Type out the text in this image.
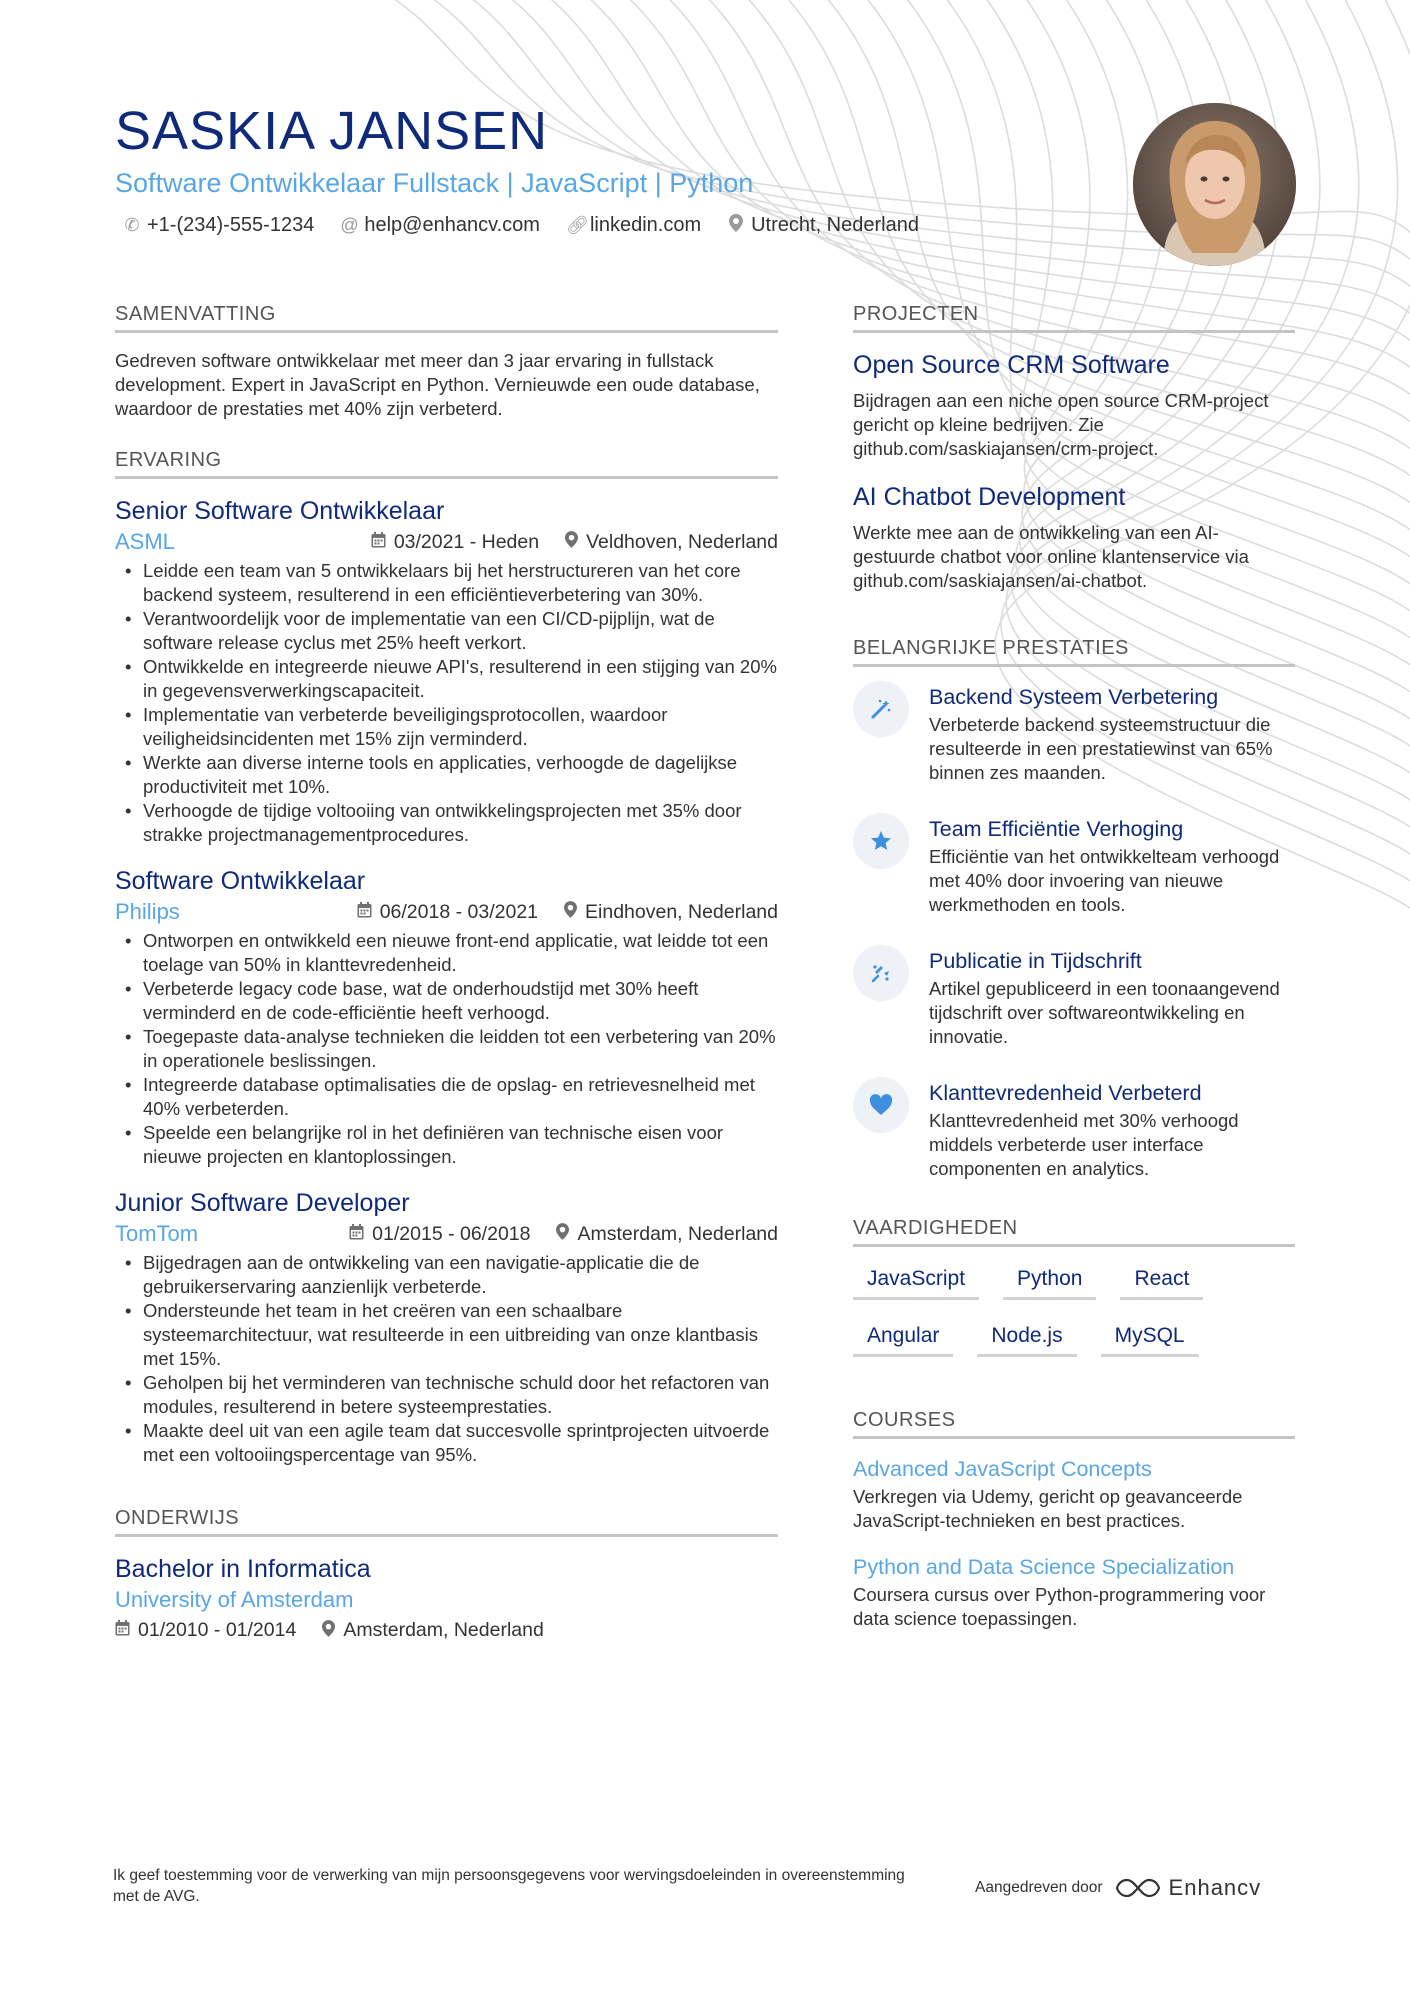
SASKIA JANSEN
Software Ontwikkelaar Fullstack | JavaScript | Python
✆ +1-(234)-555-1234 @ help@enhancv.com 🔗︎ linkedin.com	Utrecht, Nederland
SAMENVATTING
Gedreven software ontwikkelaar met meer dan 3 jaar ervaring in fullstack development. Expert in JavaScript en Python. Vernieuwde een oude database, waardoor de prestaties met 40% zijn verbeterd.
ERVARING
Senior Software Ontwikkelaar
ASML	03/2021 - Heden Veldhoven, Nederland
• Leidde een team van 5 ontwikkelaars bij het herstructureren van het core backend systeem, resulterend in een efficiëntieverbetering van 30%.
• Verantwoordelijk voor de implementatie van een CI/CD-pijplijn, wat de software release cyclus met 25% heeft verkort.
• Ontwikkelde en integreerde nieuwe API's, resulterend in een stijging van 20% in gegevensverwerkingscapaciteit.
• Implementatie van verbeterde beveiligingsprotocollen, waardoor veiligheidsincidenten met 15% zijn verminderd.
• Werkte aan diverse interne tools en applicaties, verhoogde de dagelijkse productiviteit met 10%.
• Verhoogde de tijdige voltooiing van ontwikkelingsprojecten met 35% door strakke projectmanagementprocedures.
Software Ontwikkelaar
Philips	06/2018 - 03/2021 Eindhoven, Nederland
• Ontworpen en ontwikkeld een nieuwe front-end applicatie, wat leidde tot een toelage van 50% in klanttevredenheid.
• Verbeterde legacy code base, wat de onderhoudstijd met 30% heeft verminderd en de code-efficiëntie heeft verhoogd.
• Toegepaste data-analyse technieken die leidden tot een verbetering van 20% in operationele beslissingen.
• Integreerde database optimalisaties die de opslag- en retrievesnelheid met 40% verbeterden.
• Speelde een belangrijke rol in het definiëren van technische eisen voor nieuwe projecten en klantoplossingen.
Junior Software Developer
TomTom	01/2015 - 06/2018 Amsterdam, Nederland
• Bijgedragen aan de ontwikkeling van een navigatie-applicatie die de gebruikerservaring aanzienlijk verbeterde.
• Ondersteunde het team in het creëren van een schaalbare systeemarchitectuur, wat resulteerde in een uitbreiding van onze klantbasis met 15%.
• Geholpen bij het verminderen van technische schuld door het refactoren van modules, resulterend in betere systeemprestaties.
• Maakte deel uit van een agile team dat succesvolle sprintprojecten uitvoerde met een voltooiingspercentage van 95%.
ONDERWIJS
Bachelor in Informatica
University of Amsterdam
01/2010 - 01/2014 Amsterdam, Nederland
PROJECTEN
Open Source CRM Software
Bijdragen aan een niche open source CRM-project gericht op kleine bedrijven. Zie github.com/saskiajansen/crm-project.
AI Chatbot Development
Werkte mee aan de ontwikkeling van een AI-gestuurde chatbot voor online klantenservice via github.com/saskiajansen/ai-chatbot.
BELANGRIJKE PRESTATIES
Backend Systeem Verbetering
Verbeterde backend systeemstructuur die resulteerde in een prestatiewinst van 65% binnen zes maanden.
Team Efficiëntie Verhoging
Efficiëntie van het ontwikkelteam verhoogd met 40% door invoering van nieuwe werkmethoden en tools.
Publicatie in Tijdschrift
Artikel gepubliceerd in een toonaangevend tijdschrift over softwareontwikkeling en innovatie.
Klanttevredenheid Verbeterd
Klanttevredenheid met 30% verhoogd middels verbeterde user interface componenten en analytics.
VAARDIGHEDEN
JavaScript	Python	React
Angular	Node.js	MySQL
COURSES
Advanced JavaScript Concepts
Verkregen via Udemy, gericht op geavanceerde JavaScript-technieken en best practices.
Python and Data Science Specialization
Coursera cursus over Python-programmering voor data science toepassingen.
Ik geef toestemming voor de verwerking van mijn persoonsgegevens voor wervingsdoeleinden in overeenstemming met de AVG.
Aangedreven door	Enhancv
